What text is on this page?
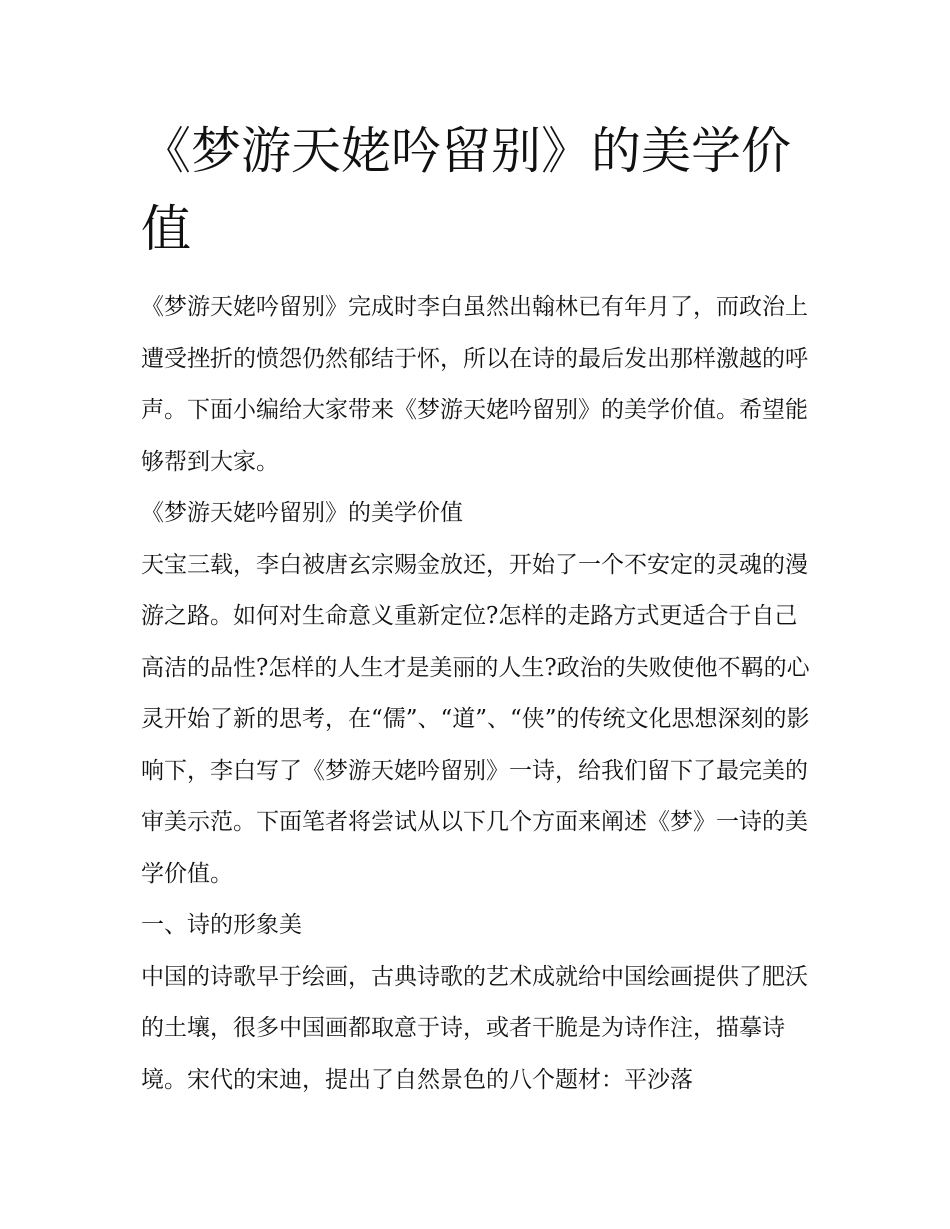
《梦游天姥吟留别》的美学价值

《梦游天姥吟留别》完成时李白虽然出翰林已有年月了，而政治上遭受挫折的愤怨仍然郁结于怀，所以在诗的最后发出那样激越的呼声。下面小编给大家带来《梦游天姥吟留别》的美学价值。希望能够帮到大家。

《梦游天姥吟留别》的美学价值

天宝三载，李白被唐玄宗赐金放还，开始了一个不安定的灵魂的漫游之路。如何对生命意义重新定位?怎样的走路方式更适合于自己高洁的品性?怎样的人生才是美丽的人生?政治的失败使他不羁的心灵开始了新的思考，在“儒”、“道”、“侠”的传统文化思想深刻的影响下，李白写了《梦游天姥吟留别》一诗，给我们留下了最完美的审美示范。下面笔者将尝试从以下几个方面来阐述《梦》一诗的美学价值。

一、诗的形象美

中国的诗歌早于绘画，古典诗歌的艺术成就给中国绘画提供了肥沃的土壤，很多中国画都取意于诗，或者干脆是为诗作注，描摹诗境。宋代的宋迪，提出了自然景色的八个题材：平沙落
